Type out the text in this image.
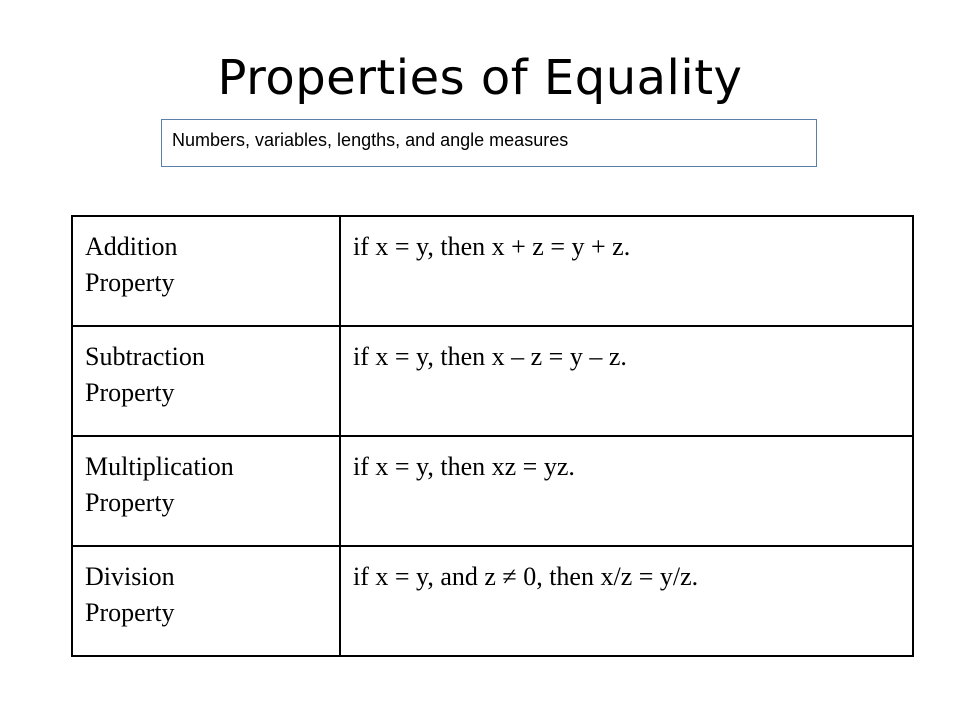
Properties of Equality
Numbers, variables, lengths, and angle measures
Addition
Property	if x = y, then x + z = y + z.

Subtraction
Property	if x = y, then x – z = y – z.

Multiplication
Property	if x = y, then xz = yz.

Division
Property	if x = y, and z ≠ 0, then x/z = y/z.
